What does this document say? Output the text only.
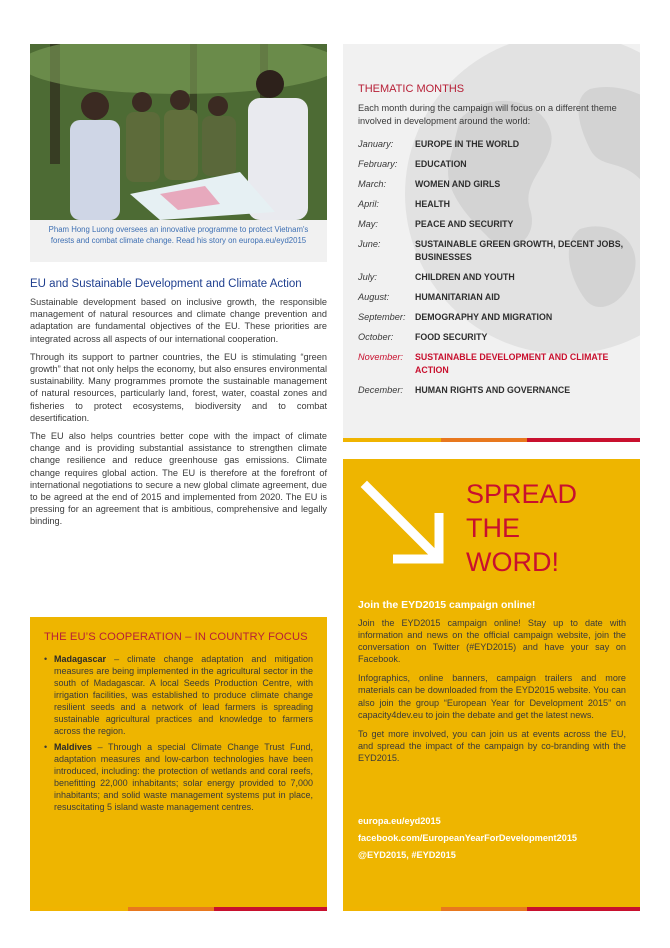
Pham Hong Luong oversees an innovative programme to protect Vietnam's forests and combat climate change. Read his story on europa.eu/eyd2015
EU and Sustainable Development and Climate Action

Sustainable development based on inclusive growth, the responsible management of natural resources and climate change prevention and adaptation are fundamental objectives of the EU. These priorities are integrated across all aspects of our international cooperation.

Through its support to partner countries, the EU is stimulating “green growth” that not only helps the economy, but also ensures environmental sustainability. Many programmes promote the sustainable management of natural resources, particularly land, forest, water, coastal zones and fisheries to protect ecosystems, biodiversity and to combat desertification.

The EU also helps countries better cope with the impact of climate change and is providing substantial assistance to strengthen climate change resilience and reduce greenhouse gas emissions. Climate change requires global action. The EU is therefore at the forefront of international negotiations to secure a new global climate agreement, due to be agreed at the end of 2015 and implemented from 2020. The EU is pressing for an agreement that is ambitious, comprehensive and legally binding.

THE EU’S COOPERATION – IN COUNTRY FOCUS
• Madagascar – climate change adaptation and mitigation measures are being implemented in the agricultural sector in the south of Madagascar. A local Seeds Production Centre, with irrigation facilities, was established to produce climate change resilient seeds and a network of lead farmers is spreading sustainable agricultural practices and knowledge to farmers across the region.
• Maldives – Through a special Climate Change Trust Fund, adaptation measures and low-carbon technologies have been introduced, including: the protection of wetlands and coral reefs, benefitting 22,000 inhabitants; solar energy provided to 7,000 inhabitants; and solid waste management systems put in place, resuscitating 5 island waste management centres.
THEMATIC MONTHS
Each month during the campaign will focus on a different theme involved in development around the world:
January:	EUROPE IN THE WORLD
February:	EDUCATION
March:	WOMEN AND GIRLS
April:	HEALTH
May:	PEACE AND SECURITY
June:	SUSTAINABLE GREEN GROWTH, DECENT JOBS, BUSINESSES
July:	CHILDREN AND YOUTH
August:	HUMANITARIAN AID
September:	DEMOGRAPHY AND MIGRATION
October:	FOOD SECURITY
November:	SUSTAINABLE DEVELOPMENT AND CLIMATE ACTION
December:	HUMAN RIGHTS AND GOVERNANCE
SPREAD
THE
WORD!
Join the EYD2015 campaign online!

Join the EYD2015 campaign online! Stay up to date with information and news on the official campaign website, join the conversation on Twitter (#EYD2015) and have your say on Facebook.

Infographics, online banners, campaign trailers and more materials can be downloaded from the EYD2015 website. You can also join the group “European Year for Development 2015” on capacity4dev.eu to join the debate and get the latest news.

To get more involved, you can join us at events across the EU, and spread the impact of the campaign by co-branding with the EYD2015.

europa.eu/eyd2015
facebook.com/EuropeanYearForDevelopment2015
@EYD2015, #EYD2015
